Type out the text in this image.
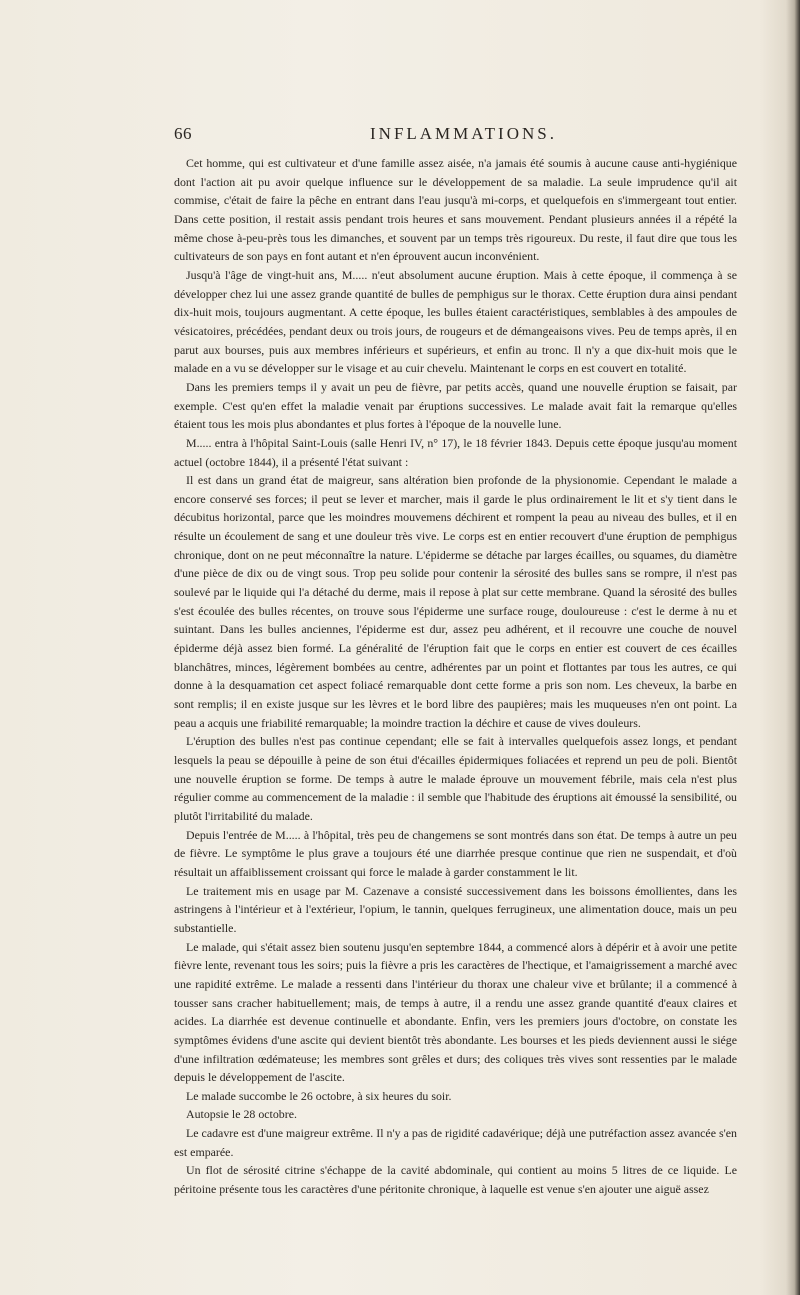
66	INFLAMMATIONS.

Cet homme, qui est cultivateur et d'une famille assez aisée, n'a jamais été soumis à aucune cause anti-hygiénique dont l'action ait pu avoir quelque influence sur le développement de sa maladie. La seule imprudence qu'il ait commise, c'était de faire la pêche en entrant dans l'eau jusqu'à mi-corps, et quelquefois en s'immergeant tout entier. Dans cette position, il restait assis pendant trois heures et sans mouvement. Pendant plusieurs années il a répété la même chose à-peu-près tous les dimanches, et souvent par un temps très rigoureux. Du reste, il faut dire que tous les cultivateurs de son pays en font autant et n'en éprouvent aucun inconvénient.

Jusqu'à l'âge de vingt-huit ans, M..... n'eut absolument aucune éruption. Mais à cette époque, il commença à se développer chez lui une assez grande quantité de bulles de pemphigus sur le thorax. Cette éruption dura ainsi pendant dix-huit mois, toujours augmentant. A cette époque, les bulles étaient caractéristiques, semblables à des ampoules de vésicatoires, précédées, pendant deux ou trois jours, de rougeurs et de démangeaisons vives. Peu de temps après, il en parut aux bourses, puis aux membres inférieurs et supérieurs, et enfin au tronc. Il n'y a que dix-huit mois que le malade en a vu se développer sur le visage et au cuir chevelu. Maintenant le corps en est couvert en totalité.

Dans les premiers temps il y avait un peu de fièvre, par petits accès, quand une nouvelle éruption se faisait, par exemple. C'est qu'en effet la maladie venait par éruptions successives. Le malade avait fait la remarque qu'elles étaient tous les mois plus abondantes et plus fortes à l'époque de la nouvelle lune.

M..... entra à l'hôpital Saint-Louis (salle Henri IV, n° 17), le 18 février 1843. Depuis cette époque jusqu'au moment actuel (octobre 1844), il a présenté l'état suivant :

Il est dans un grand état de maigreur, sans altération bien profonde de la physionomie. Cependant le malade a encore conservé ses forces; il peut se lever et marcher, mais il garde le plus ordinairement le lit et s'y tient dans le décubitus horizontal, parce que les moindres mouvemens déchirent et rompent la peau au niveau des bulles, et il en résulte un écoulement de sang et une douleur très vive. Le corps est en entier recouvert d'une éruption de pemphigus chronique, dont on ne peut méconnaître la nature. L'épiderme se détache par larges écailles, ou squames, du diamètre d'une pièce de dix ou de vingt sous. Trop peu solide pour contenir la sérosité des bulles sans se rompre, il n'est pas soulevé par le liquide qui l'a détaché du derme, mais il repose à plat sur cette membrane. Quand la sérosité des bulles s'est écoulée des bulles récentes, on trouve sous l'épiderme une surface rouge, douloureuse : c'est le derme à nu et suintant. Dans les bulles anciennes, l'épiderme est dur, assez peu adhérent, et il recouvre une couche de nouvel épiderme déjà assez bien formé. La généralité de l'éruption fait que le corps en entier est couvert de ces écailles blanchâtres, minces, légèrement bombées au centre, adhérentes par un point et flottantes par tous les autres, ce qui donne à la desquamation cet aspect foliacé remarquable dont cette forme a pris son nom. Les cheveux, la barbe en sont remplis; il en existe jusque sur les lèvres et le bord libre des paupières; mais les muqueuses n'en ont point. La peau a acquis une friabilité remarquable; la moindre traction la déchire et cause de vives douleurs.

L'éruption des bulles n'est pas continue cependant; elle se fait à intervalles quelquefois assez longs, et pendant lesquels la peau se dépouille à peine de son étui d'écailles épidermiques foliacées et reprend un peu de poli. Bientôt une nouvelle éruption se forme. De temps à autre le malade éprouve un mouvement fébrile, mais cela n'est plus régulier comme au commencement de la maladie : il semble que l'habitude des éruptions ait émoussé la sensibilité, ou plutôt l'irritabilité du malade.

Depuis l'entrée de M..... à l'hôpital, très peu de changemens se sont montrés dans son état. De temps à autre un peu de fièvre. Le symptôme le plus grave a toujours été une diarrhée presque continue que rien ne suspendait, et d'où résultait un affaiblissement croissant qui force le malade à garder constamment le lit.

Le traitement mis en usage par M. Cazenave a consisté successivement dans les boissons émollientes, dans les astringens à l'intérieur et à l'extérieur, l'opium, le tannin, quelques ferrugineux, une alimentation douce, mais un peu substantielle.

Le malade, qui s'était assez bien soutenu jusqu'en septembre 1844, a commencé alors à dépérir et à avoir une petite fièvre lente, revenant tous les soirs; puis la fièvre a pris les caractères de l'hectique, et l'amaigrissement a marché avec une rapidité extrême. Le malade a ressenti dans l'intérieur du thorax une chaleur vive et brûlante; il a commencé à tousser sans cracher habituellement; mais, de temps à autre, il a rendu une assez grande quantité d'eaux claires et acides. La diarrhée est devenue continuelle et abondante. Enfin, vers les premiers jours d'octobre, on constate les symptômes évidens d'une ascite qui devient bientôt très abondante. Les bourses et les pieds deviennent aussi le siége d'une infiltration œdémateuse; les membres sont grêles et durs; des coliques très vives sont ressenties par le malade depuis le développement de l'ascite.

Le malade succombe le 26 octobre, à six heures du soir.

Autopsie le 28 octobre.

Le cadavre est d'une maigreur extrême. Il n'y a pas de rigidité cadavérique; déjà une putréfaction assez avancée s'en est emparée.

Un flot de sérosité citrine s'échappe de la cavité abdominale, qui contient au moins 5 litres de ce liquide. Le péritoine présente tous les caractères d'une péritonite chronique, à laquelle est venue s'en ajouter une aiguë assez
